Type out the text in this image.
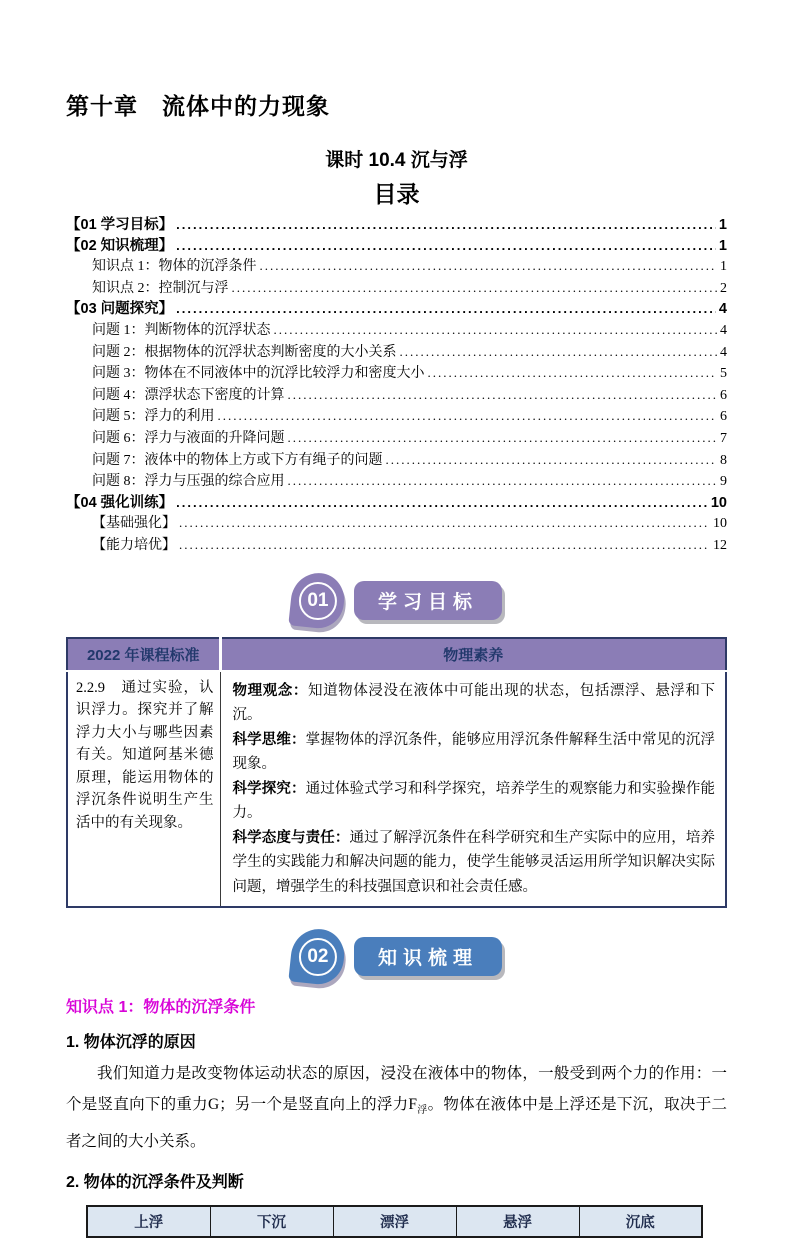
第十章　流体中的力现象
课时 10.4 沉与浮
目录
【01 学习目标】 .....	1
【02 知识梳理】 .....	1
知识点 1：物体的沉浮条件 .....	1
知识点 2：控制沉与浮 .....	2
【03 问题探究】 .....	4
问题 1：判断物体的沉浮状态 .....	4
问题 2：根据物体的沉浮状态判断密度的大小关系 .....	4
问题 3：物体在不同液体中的沉浮比较浮力和密度大小 .....	5
问题 4：漂浮状态下密度的计算 .....	6
问题 5：浮力的利用 .....	6
问题 6：浮力与液面的升降问题 .....	7
问题 7：液体中的物体上方或下方有绳子的问题 .....	8
问题 8：浮力与压强的综合应用 .....	9
【04 强化训练】 .....	10
【基础强化】 .....	10
【能力培优】 .....	12
01	学习目标
2022 年课程标准	物理素养
2.2.9　通过实验，认识浮力。探究并了解浮力大小与哪些因素有关。知道阿基米德原理，能运用物体的浮沉条件说明生产生活中的有关现象。	物理观念：知道物体浸没在液体中可能出现的状态，包括漂浮、悬浮和下沉。
科学思维：掌握物体的浮沉条件，能够应用浮沉条件解释生活中常见的沉浮现象。
科学探究：通过体验式学习和科学探究，培养学生的观察能力和实验操作能力。
科学态度与责任：通过了解浮沉条件在科学研究和生产实际中的应用，培养学生的实践能力和解决问题的能力，使学生能够灵活运用所学知识解决实际问题，增强学生的科技强国意识和社会责任感。
02	知识梳理
知识点 1：物体的沉浮条件
1. 物体沉浮的原因

我们知道力是改变物体运动状态的原因，浸没在液体中的物体，一般受到两个力的作用：一个是竖直向下的重力G；另一个是竖直向上的浮力$F_浮$。物体在液体中是上浮还是下沉，取决于二者之间的大小关系。

2. 物体的沉浮条件及判断
上浮	下沉	漂浮	悬浮	沉底
